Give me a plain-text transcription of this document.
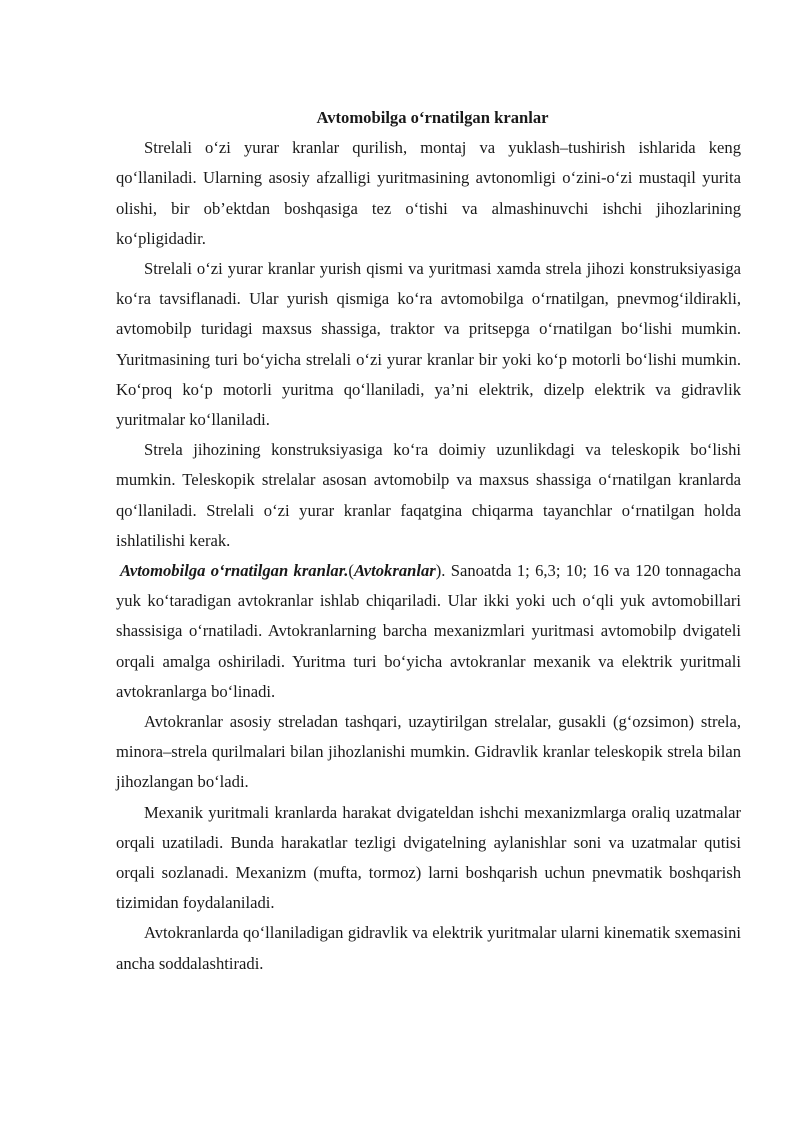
Avtomobilga o‘rnatilgan kranlar

Strelali o‘zi yurar kranlar qurilish, montaj va yuklash–tushirish ishlarida keng qo‘llaniladi. Ularning asosiy afzalligi yuritmasining avtonomligi o‘zini-o‘zi mustaqil yurita olishi, bir ob’ektdan boshqasiga tez o‘tishi va almashinuvchi ishchi jihozlarining ko‘pligidadir.

Strelali o‘zi yurar kranlar yurish qismi va yuritmasi xamda strela jihozi konstruksiyasiga ko‘ra tavsiflanadi. Ular yurish qismiga ko‘ra avtomobilga o‘rnatilgan, pnevmog‘ildirakli, avtomobilp turidagi maxsus shassiga, traktor va pritsepga o‘rnatilgan bo‘lishi mumkin. Yuritmasining turi bo‘yicha strelali o‘zi yurar kranlar bir yoki ko‘p motorli bo‘lishi mumkin. Ko‘proq ko‘p motorli yuritma qo‘llaniladi, ya’ni elektrik, dizelp elektrik va gidravlik yuritmalar ko‘llaniladi.

Strela jihozining konstruksiyasiga ko‘ra doimiy uzunlikdagi va teleskopik bo‘lishi mumkin. Teleskopik strelalar asosan avtomobilp va maxsus shassiga o‘rnatilgan kranlarda qo‘llaniladi. Strelali o‘zi yurar kranlar faqatgina chiqarma tayanchlar o‘rnatilgan holda ishlatilishi kerak.

Avtomobilga o‘rnatilgan kranlar.(Avtokranlar). Sanoatda 1; 6,3; 10; 16 va 120 tonnagacha yuk ko‘taradigan avtokranlar ishlab chiqariladi. Ular ikki yoki uch o‘qli yuk avtomobillari shassisiga o‘rnatiladi. Avtokranlarning barcha mexanizmlari yuritmasi avtomobilp dvigateli orqali amalga oshiriladi. Yuritma turi bo‘yicha avtokranlar mexanik va elektrik yuritmali avtokranlarga bo‘linadi.

Avtokranlar asosiy streladan tashqari, uzaytirilgan strelalar, gusakli (g‘ozsimon) strela, minora–strela qurilmalari bilan jihozlanishi mumkin. Gidravlik kranlar teleskopik strela bilan jihozlangan bo‘ladi.

Mexanik yuritmali kranlarda harakat dvigateldan ishchi mexanizmlarga oraliq uzatmalar orqali uzatiladi. Bunda harakatlar tezligi dvigatelning aylanishlar soni va uzatmalar qutisi orqali sozlanadi. Mexanizm (mufta, tormoz) larni boshqarish uchun pnevmatik boshqarish tizimidan foydalaniladi.

Avtokranlarda qo‘llaniladigan gidravlik va elektrik yuritmalar ularni kinematik sxemasini ancha soddalashtiradi.
